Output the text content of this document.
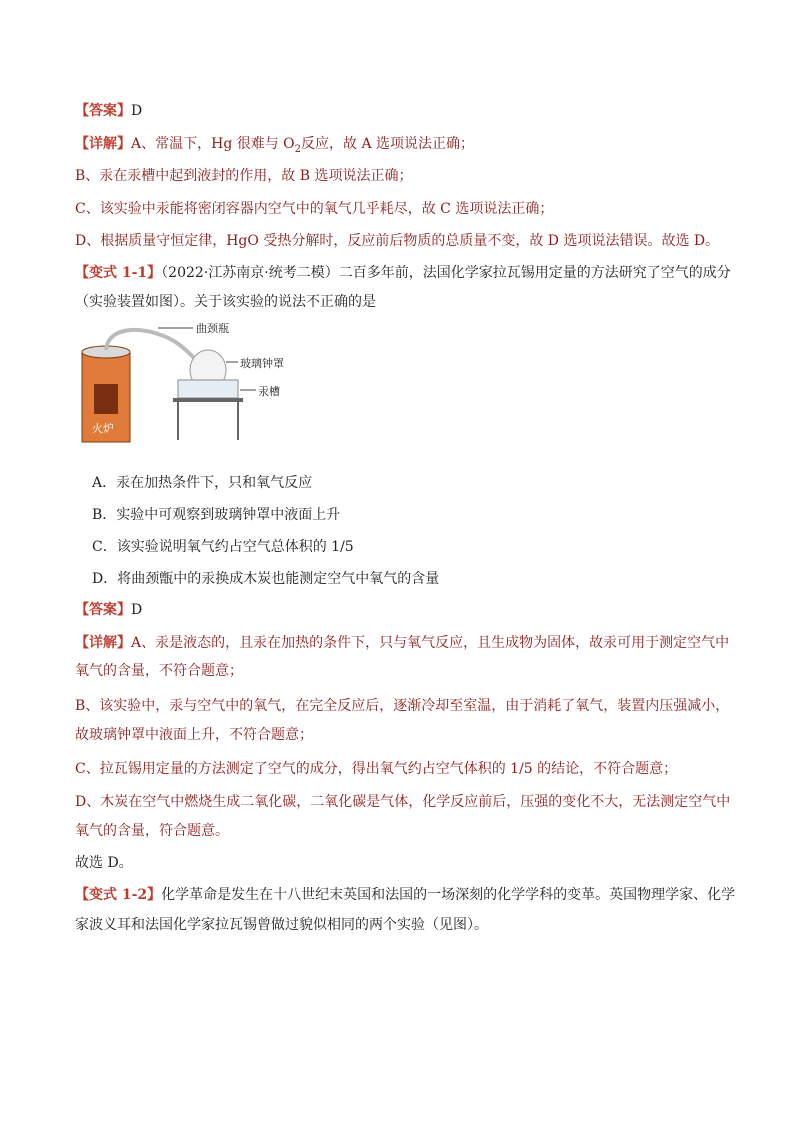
【答案】D
【详解】A、常温下，Hg 很难与 $O_2$反应，故 A 选项说法正确；
B、汞在汞槽中起到液封的作用，故 B 选项说法正确；
C、该实验中汞能将密闭容器内空气中的氧气几乎耗尽，故 C 选项说法正确；
D、根据质量守恒定律，HgO 受热分解时，反应前后物质的总质量不变，故 D 选项说法错误。故选 D。
【变式 1-1】（2022·江苏南京·统考二模）二百多年前，法国化学家拉瓦锡用定量的方法研究了空气的成分
（实验装置如图）。关于该实验的说法不正确的是
曲颈瓶
玻璃钟罩
汞槽
火炉
A．汞在加热条件下，只和氧气反应
B．实验中可观察到玻璃钟罩中液面上升
C．该实验说明氧气约占空气总体积的 1/5
D．将曲颈甑中的汞换成木炭也能测定空气中氧气的含量
【答案】D
【详解】A、汞是液态的，且汞在加热的条件下，只与氧气反应，且生成物为固体，故汞可用于测定空气中
氧气的含量，不符合题意；
B、该实验中，汞与空气中的氧气，在完全反应后，逐渐冷却至室温，由于消耗了氧气，装置内压强减小，
故玻璃钟罩中液面上升，不符合题意；
C、拉瓦锡用定量的方法测定了空气的成分，得出氧气约占空气体积的 1/5 的结论，不符合题意；
D、木炭在空气中燃烧生成二氧化碳，二氧化碳是气体，化学反应前后，压强的变化不大，无法测定空气中
氧气的含量，符合题意。
故选 D。
【变式 1-2】化学革命是发生在十八世纪末英国和法国的一场深刻的化学学科的变革。英国物理学家、化学
家波义耳和法国化学家拉瓦锡曾做过貌似相同的两个实验（见图）。
